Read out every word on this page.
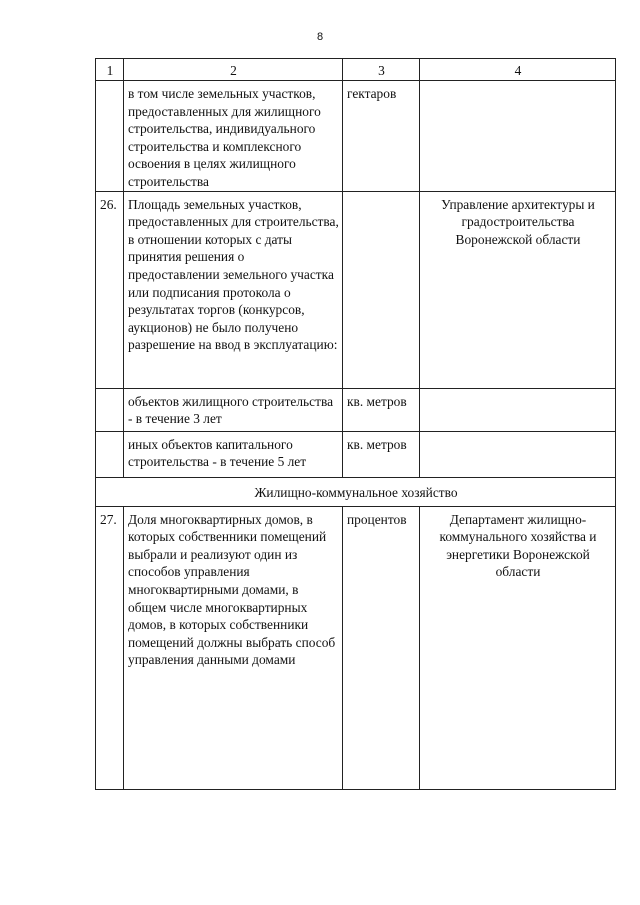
8
1	2	3	4
	в том числе земельных участков, предоставленных для жилищного строительства, индивидуального строительства и комплексного освоения в целях жилищного строительства	гектаров	
26.	Площадь земельных участков, предоставленных для строительства, в отношении которых с даты принятия решения о предоставлении земельного участка или подписания протокола о результатах торгов (конкурсов, аукционов) не было получено разрешение на ввод в эксплуатацию:		Управление архитектуры и градостроительства Воронежской области
	объектов жилищного строительства - в течение 3 лет	кв. метров	
	иных объектов капитального строительства - в течение 5 лет	кв. метров	
Жилищно-коммунальное хозяйство			
27.	Доля многоквартирных домов, в которых собственники помещений выбрали и реализуют один из способов управления многоквартирными домами, в общем числе многоквартирных домов, в которых собственники помещений должны выбрать способ управления данными домами	процентов	Департамент жилищно-коммунального хозяйства и энергетики Воронежской области
